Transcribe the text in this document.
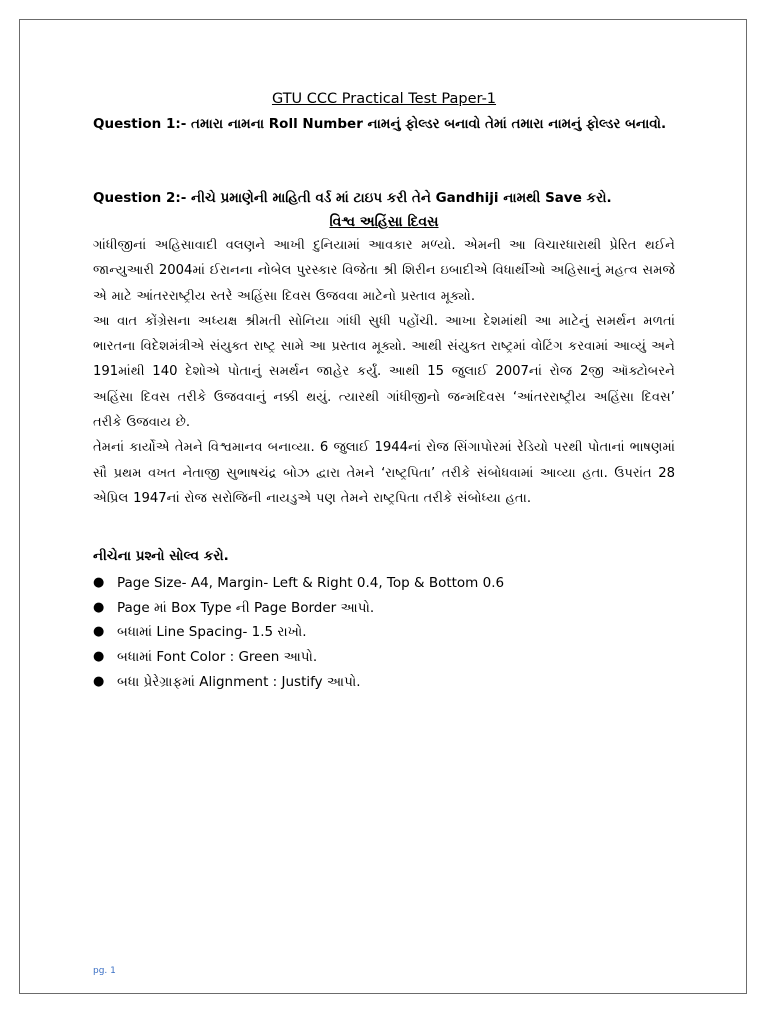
GTU CCC Practical Test Paper-1

Question 1:- તમારા નામના Roll Number નામનું ફોલ્ડર બનાવો તેમાં તમારા નામનું ફોલ્ડર બનાવો.

Question 2:- નીચે પ્રમાણેની માહિતી વર્ડ માં ટાઇપ કરી તેને Gandhiji નામથી Save કરો.

વિશ્વ અહિંસા દિવસ

ગાંધીજીનાં અહિસાવાદી વલણને આખી દુનિયામાં આવકાર મળ્યો. એમની આ વિચારધારાથી પ્રેરિત થઈને જાન્યુઆરી 2004માં ઈરાનના નોબેલ પુરસ્કાર વિજેતા શ્રી શિરીન ઇબાદીએ વિધાર્થીઓ અહિસાનું મહત્વ સમજે એ માટે આંતરરાષ્ટ્રીય સ્તરે અહિંસા દિવસ ઉજવવા માટેનો પ્રસ્તાવ મૂક્યો.

આ વાત કોંગ્રેસના અધ્યક્ષ શ્રીમતી સોનિયા ગાંધી સુધી પહોંચી. આખા દેશમાંથી આ માટેનું સમર્થન મળતાં ભારતના વિદેશમંત્રીએ સંયુક્ત રાષ્ટ્ર સામે આ પ્રસ્તાવ મૂક્યો. આથી સંયુક્ત રાષ્ટ્રમાં વોટિંગ કરવામાં આવ્યું અને 191માંથી 140 દેશોએ પોતાનું સમર્થન જાહેર કર્યું. આથી 15 જુલાઈ 2007નાં રોજ 2જી ઑક્ટોબરને અહિંસા દિવસ તરીકે ઉજવવાનું નક્કી થયું. ત્યારથી ગાંધીજીનો જન્મદિવસ ‘આંતરરાષ્ટ્રીય અહિંસા દિવસ’ તરીકે ઉજવાય છે.

તેમનાં કાર્યોએ તેમને વિશ્વમાનવ બનાવ્યા. 6 જુલાઈ 1944નાં રોજ સિંગાપોરમાં રેડિયો પરથી પોતાનાં ભાષણમાં સૌ પ્રથમ વખત નેતાજી સુભાષચંદ્ર બોઝ દ્વારા તેમને ‘રાષ્ટ્રપિતા’ તરીકે સંબોધવામાં આવ્યા હતા. ઉપરાંત 28 એપ્રિલ 1947નાં રોજ સરોજિની નાયડુએ પણ તેમને રાષ્ટ્રપિતા તરીકે સંબોધ્યા હતા.

નીચેના પ્રશ્નો સોલ્વ કરો.

● Page Size- A4, Margin- Left & Right 0.4, Top & Bottom 0.6
● Page માં Box Type ની Page Border આપો.
● બધામાં Line Spacing- 1.5 રાખો.
● બધામાં Font Color : Green આપો.
● બધા પ્રેરેગ્રાફમાં Alignment : Justify આપો.
pg. 1
